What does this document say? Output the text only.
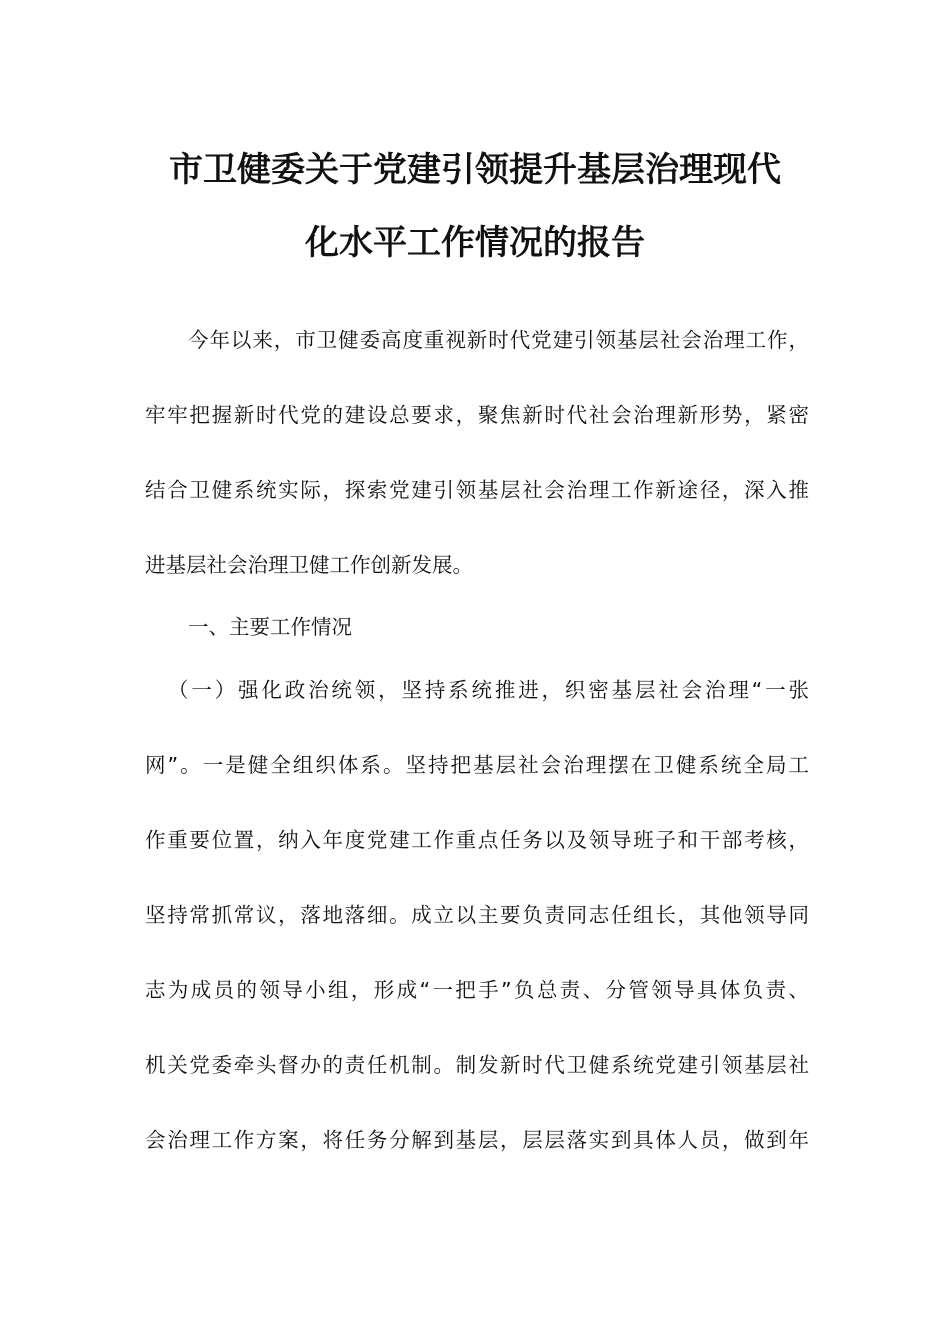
市卫健委关于党建引领提升基层治理现代
化水平工作情况的报告
今年以来，市卫健委高度重视新时代党建引领基层社会治理工作，
牢牢把握新时代党的建设总要求，聚焦新时代社会治理新形势，紧密
结合卫健系统实际，探索党建引领基层社会治理工作新途径，深入推
进基层社会治理卫健工作创新发展。
一、主要工作情况
（一）强化政治统领，坚持系统推进，织密基层社会治理“一张
网”。一是健全组织体系。坚持把基层社会治理摆在卫健系统全局工
作重要位置，纳入年度党建工作重点任务以及领导班子和干部考核，
坚持常抓常议，落地落细。成立以主要负责同志任组长，其他领导同
志为成员的领导小组，形成“一把手”负总责、分管领导具体负责、
机关党委牵头督办的责任机制。制发新时代卫健系统党建引领基层社
会治理工作方案，将任务分解到基层，层层落实到具体人员，做到年
